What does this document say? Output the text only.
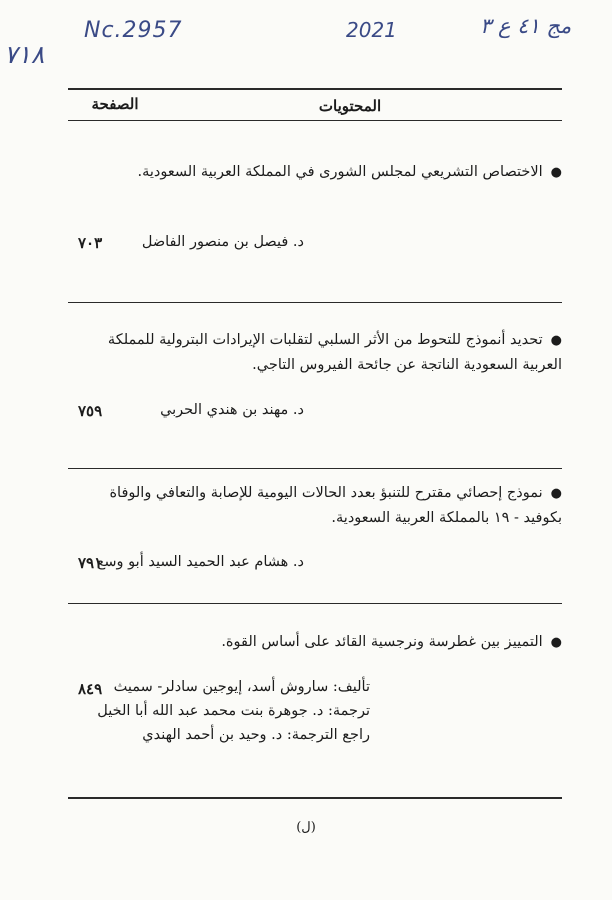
Nc.2957	2021	مج ٤١ ع ٣
٧١٨
المحتويات
الصفحة
●الاختصاص التشريعي لمجلس الشورى في المملكة العربية السعودية.
د. فيصل بن منصور الفاضل
٧٠٣
●تحديد أنموذج للتحوط من الأثر السلبي لتقلبات الإيرادات البترولية للمملكة العربية السعودية الناتجة عن جائحة الفيروس التاجي.
د. مهند بن هندي الحربي
٧٥٩
●نموذج إحصائي مقترح للتنبؤ بعدد الحالات اليومية للإصابة والتعافي والوفاة بكوفيد - ١٩ بالمملكة العربية السعودية.
د. هشام عبد الحميد السيد أبو وسع
٧٩١
●التمييز بين غطرسة ونرجسية القائد على أساس القوة.
تأليف: ساروش أسد، إيوجين سادلر- سميث
ترجمة: د. جوهرة بنت محمد عبد الله أبا الخيل
راجع الترجمة: د. وحيد بن أحمد الهندي
٨٤٩
(ل)
